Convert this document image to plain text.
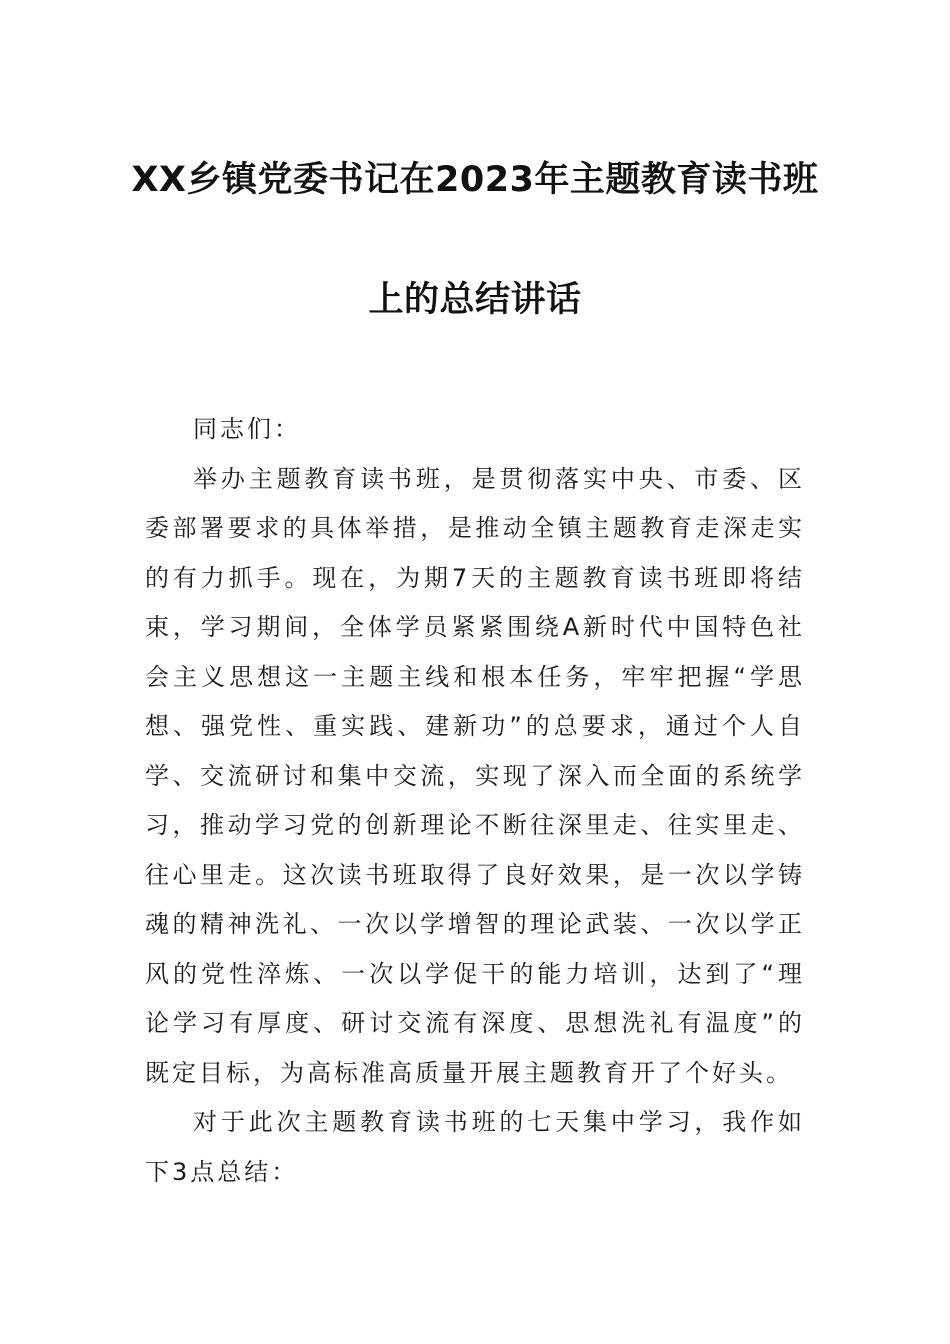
XX乡镇党委书记在2023年主题教育读书班
上的总结讲话

同志们：

举办主题教育读书班，是贯彻落实中央、市委、区委部署要求的具体举措，是推动全镇主题教育走深走实的有力抓手。现在，为期7天的主题教育读书班即将结束，学习期间，全体学员紧紧围绕A新时代中国特色社会主义思想这一主题主线和根本任务，牢牢把握“学思想、强党性、重实践、建新功”的总要求，通过个人自学、交流研讨和集中交流，实现了深入而全面的系统学习，推动学习党的创新理论不断往深里走、往实里走、往心里走。这次读书班取得了良好效果，是一次以学铸魂的精神洗礼、一次以学增智的理论武装、一次以学正风的党性淬炼、一次以学促干的能力培训，达到了“理论学习有厚度、研讨交流有深度、思想洗礼有温度”的既定目标，为高标准高质量开展主题教育开了个好头。

对于此次主题教育读书班的七天集中学习，我作如下3点总结：
